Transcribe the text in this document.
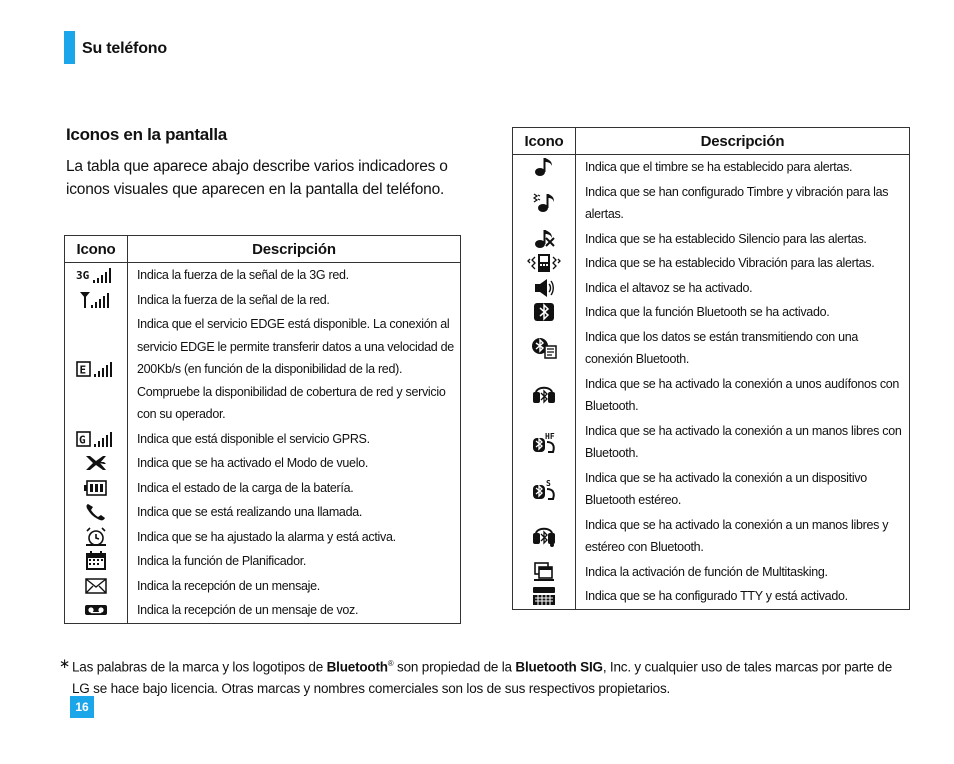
Su teléfono
Iconos en la pantalla
La tabla que aparece abajo describe varios indicadores o iconos visuales que aparecen en la pantalla del teléfono.
Icono	Descripción

3G	Indica la fuerza de la señal de la 3G red.

	Indica la fuerza de la señal de la red.

E	Indica que el servicio EDGE está disponible. La conexión al servicio EDGE le permite transferir datos a una velocidad de 200Kb/s (en función de la disponibilidad de la red). Compruebe la disponibilidad de cobertura de red y servicio con su operador.

G	Indica que está disponible el servicio GPRS.

	Indica que se ha activado el Modo de vuelo.

	Indica el estado de la carga de la batería.

	Indica que se está realizando una llamada.

	Indica que se ha ajustado la alarma y está activa.

	Indica la función de Planificador.

	Indica la recepción de un mensaje.

	Indica la recepción de un mensaje de voz.
Icono	Descripción

	Indica que el timbre se ha establecido para alertas.

	Indica que se han configurado Timbre y vibración para las alertas.

	Indica que se ha establecido Silencio para las alertas.

	Indica que se ha establecido Vibración para las alertas.

	Indica el altavoz se ha activado.

	Indica que la función Bluetooth se ha activado.

	Indica que los datos se están transmitiendo con una conexión Bluetooth.

	Indica que se ha activado la conexión a unos audífonos con Bluetooth.

HF	Indica que se ha activado la conexión a un manos libres con Bluetooth.

S	Indica que se ha activado la conexión a un dispositivo Bluetooth estéreo.

	Indica que se ha activado la conexión a un manos libres y estéreo con Bluetooth.

	Indica la activación de función de Multitasking.

	Indica que se ha configurado TTY y está activado.
∗ Las palabras de la marca y los logotipos de Bluetooth® son propiedad de la Bluetooth SIG, Inc. y cualquier uso de tales marcas por parte de LG se hace bajo licencia. Otras marcas y nombres comerciales son los de sus respectivos propietarios.
16
